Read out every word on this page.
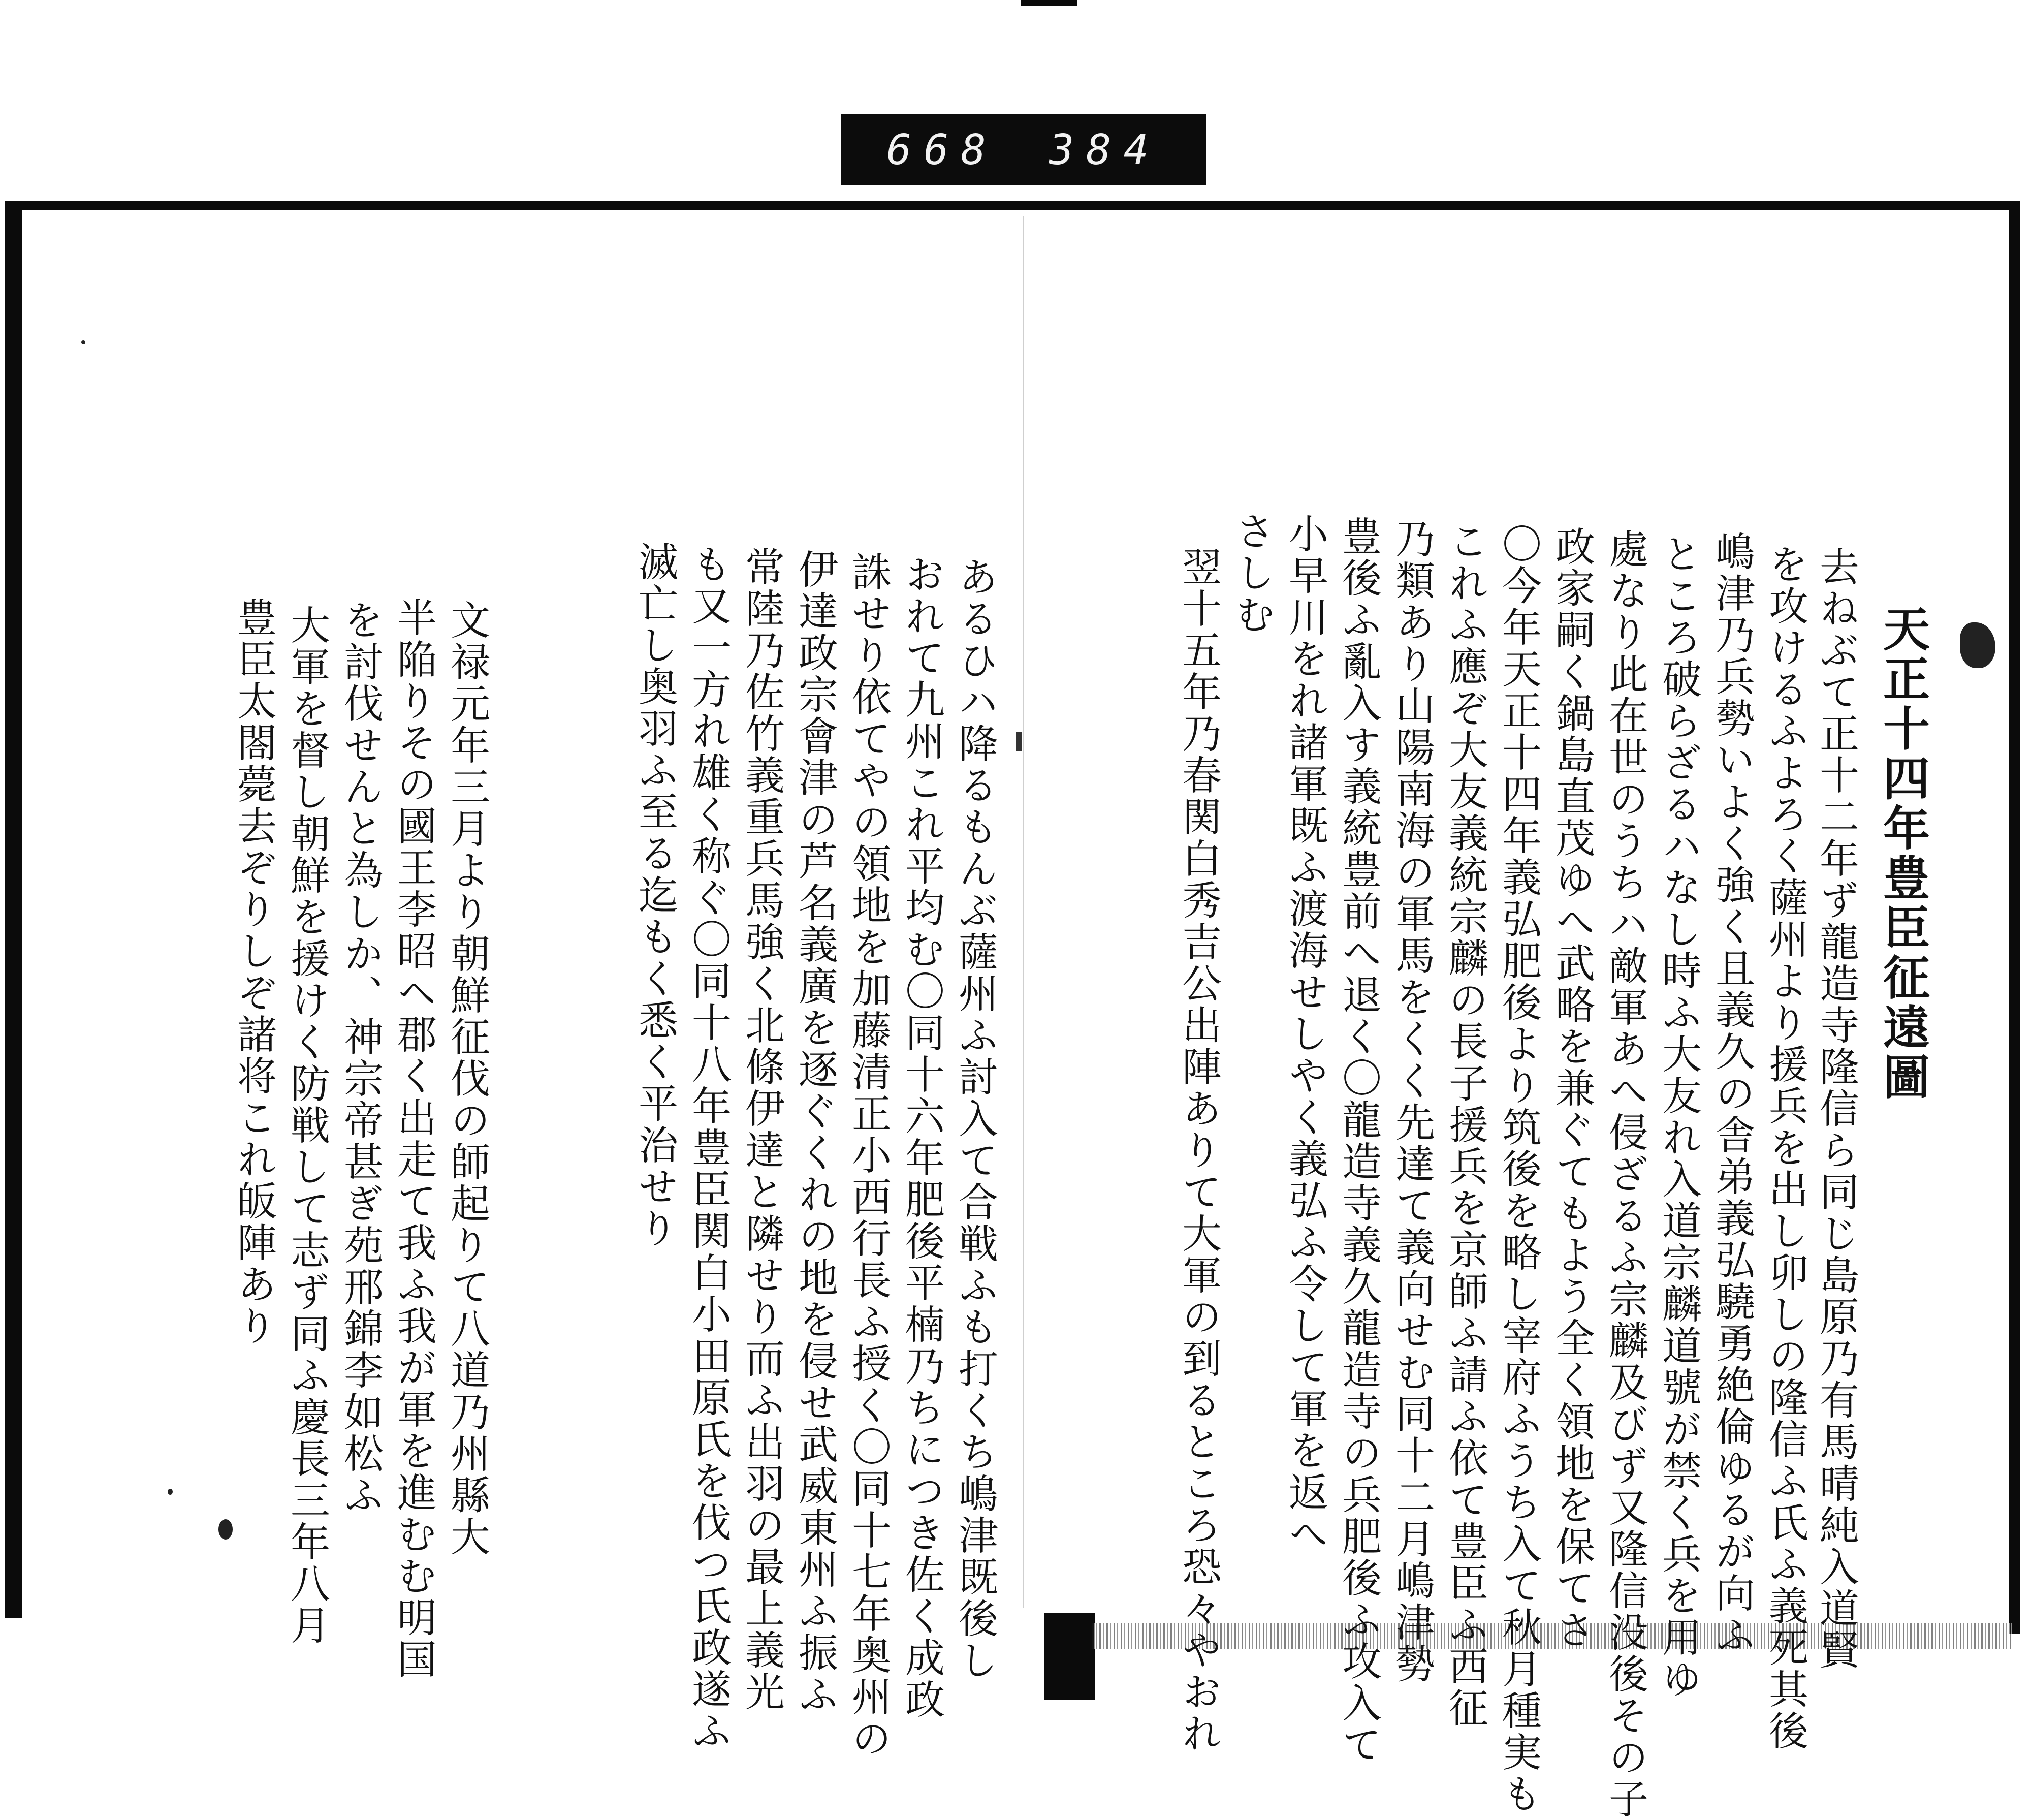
668 384
天正十四年豊臣征遠圖
去ねぶて正十二年ず龍造寺隆信ら同じ島原乃有馬晴純入道賢
を攻けるふよろく薩州より援兵を出し卯しの隆信ふ氏ふ義死其後
嶋津乃兵勢いよく強く且義久の舎弟義弘驍勇絶倫ゆるが向ふ
ところ破らざるハなし時ふ大友れ入道宗麟道號が禁く兵を用ゆ
處なり此在世のうちハ敵軍あへ侵ざるふ宗麟及びず又隆信没後その子
政家嗣く鍋島直茂ゆへ武略を兼ぐてもよう全く領地を保てさ
〇今年天正十四年義弘肥後より筑後を略し宰府ふうち入て秋月種実も
これふ應ぞ大友義統宗麟の長子援兵を京師ふ請ふ依て豊臣ふ西征
乃類あり山陽南海の軍馬をくく先達て義向せむ同十二月嶋津勢
豊後ふ亂入す義統豊前へ退く〇龍造寺義久龍造寺の兵肥後ふ攻入て
小早川をれ諸軍既ふ渡海せしやく義弘ふ令して軍を返へ
さしむ
翌十五年乃春関白秀吉公出陣ありて大軍の到るところ恐々やおれ
あるひハ降るもんぶ薩州ふ討入て合戦ふも打くち嶋津既後し
おれて九州これ平均む〇同十六年肥後平楠乃ちにつき佐く成政
誅せり依てやの領地を加藤清正小西行長ふ授く〇同十七年奥州の
伊達政宗會津の芦名義廣を逐ぐくれの地を侵せ武威東州ふ振ふ
常陸乃佐竹義重兵馬強く北條伊達と隣せり而ふ出羽の最上義光
も又一方れ雄く称ぐ〇同十八年豊臣関白小田原氏を伐つ氏政遂ふ
滅亡し奥羽ふ至る迄もく悉く平治せり
文禄元年三月より朝鮮征伐の師起りて八道乃州縣大
半陥りその國王李昭ヘ郡く出走て我ふ我が軍を進むむ明国
を討伐せんと為しか、神宗帝甚ぎ苑邢錦李如松ふ
大軍を督し朝鮮を援けく防戦して志ず同ふ慶長三年八月
豊臣太閤薨去ぞりしぞ諸将これ皈陣あり
